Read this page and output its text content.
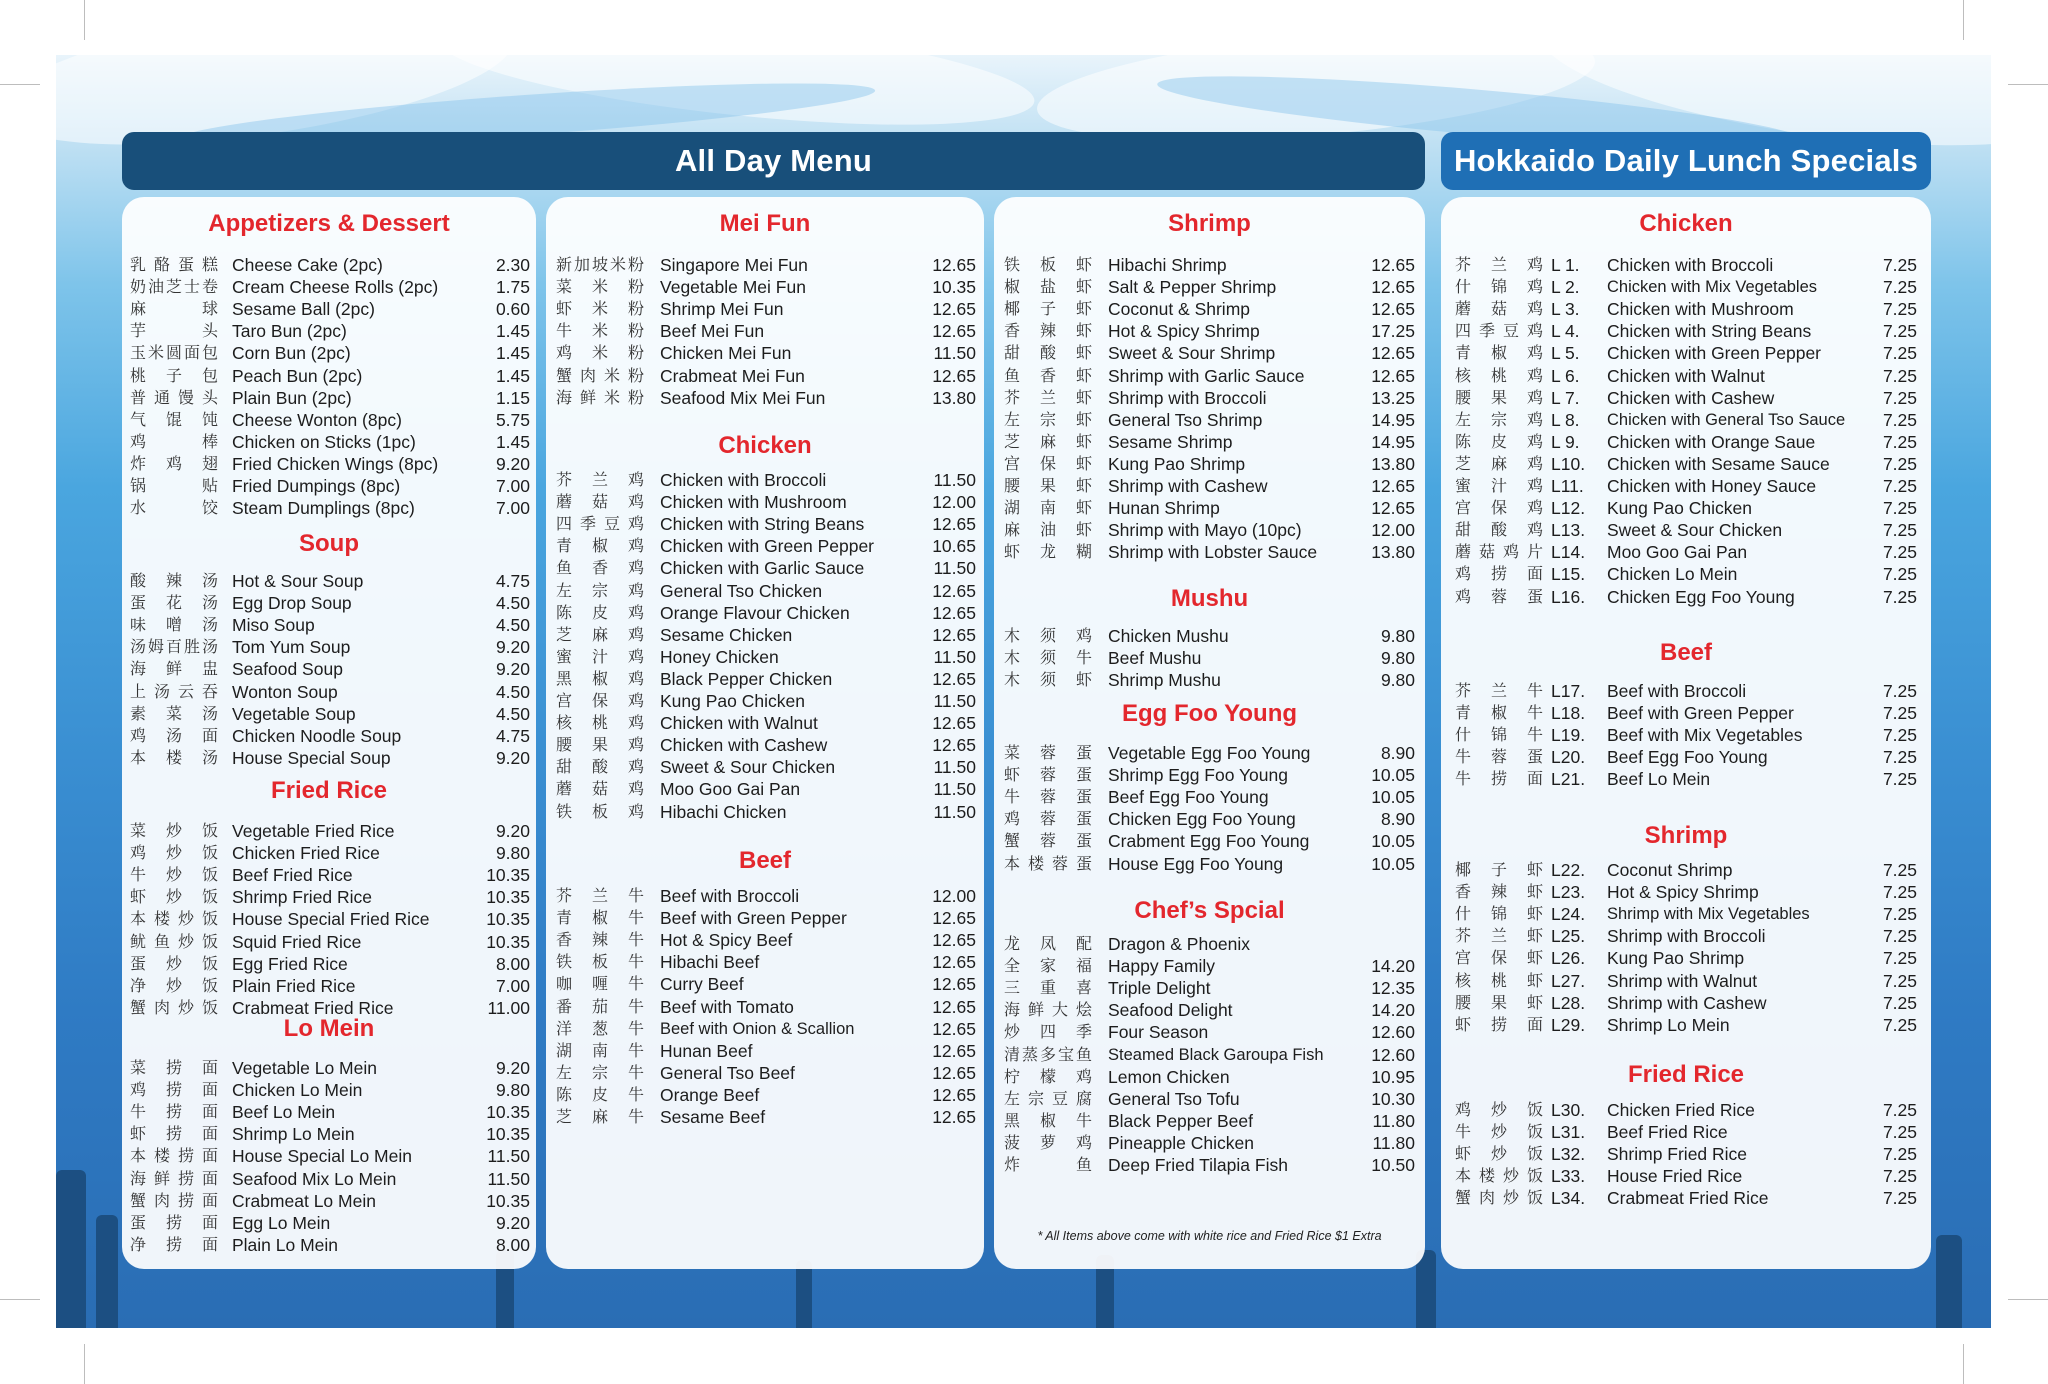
All Day Menu	Hokkaido Daily Lunch Specials
Appetizers & Dessert
乳 酪 蛋 糕 Cheese Cake (2pc)	2.30
奶 油 芝 士 卷 Cream Cheese Rolls (2pc)	1.75
麻	球 Sesame Ball (2pc)	0.60
芋	头 Taro Bun (2pc)	1.45
玉 米 圆 面 包 Corn Bun (2pc)	1.45
桃 子 包 Peach Bun (2pc)	1.45
普 通 馒 头 Plain Bun (2pc)	1.15
气 馄 饨 Cheese Wonton (8pc)	5.75
鸡	棒 Chicken on Sticks (1pc)	1.45
炸 鸡 翅 Fried Chicken Wings (8pc)	9.20
锅	贴 Fried Dumpings (8pc)	7.00
水	饺 Steam Dumplings (8pc)	7.00
Soup
酸 辣 汤 Hot & Sour Soup	4.75
蛋 花 汤 Egg Drop Soup	4.50
味 噌 汤 Miso Soup	4.50
汤 姆 百 胜 汤 Tom Yum Soup	9.20
海 鲜 盅 Seafood Soup	9.20
上 汤 云 吞 Wonton Soup	4.50
素 菜 汤 Vegetable Soup	4.50
鸡 汤 面 Chicken Noodle Soup	4.75
本 楼 汤 House Special Soup	9.20
Fried Rice
菜 炒 饭 Vegetable Fried Rice	9.20
鸡 炒 饭 Chicken Fried Rice	9.80
牛 炒 饭 Beef Fried Rice	10.35
虾 炒 饭 Shrimp Fried Rice	10.35
本 楼 炒 饭 House Special Fried Rice	10.35
鱿 鱼 炒 饭 Squid Fried Rice	10.35
蛋 炒 饭 Egg Fried Rice	8.00
净 炒 饭 Plain Fried Rice	7.00
蟹 肉 炒 饭 Crabmeat Fried Rice	11.00
Lo Mein
菜 捞 面 Vegetable Lo Mein	9.20
鸡 捞 面 Chicken Lo Mein	9.80
牛 捞 面 Beef Lo Mein	10.35
虾 捞 面 Shrimp Lo Mein	10.35
本 楼 捞 面 House Special Lo Mein	11.50
海 鲜 捞 面 Seafood Mix Lo Mein	11.50
蟹 肉 捞 面 Crabmeat Lo Mein	10.35
蛋 捞 面 Egg Lo Mein	9.20
净 捞 面 Plain Lo Mein	8.00
Mei Fun
新 加 坡 米 粉 Singapore Mei Fun	12.65
菜 米 粉 Vegetable Mei Fun	10.35
虾 米 粉 Shrimp Mei Fun	12.65
牛 米 粉 Beef Mei Fun	12.65
鸡 米 粉 Chicken Mei Fun	11.50
蟹 肉 米 粉 Crabmeat Mei Fun	12.65
海 鲜 米 粉 Seafood Mix Mei Fun	13.80
Chicken
芥 兰 鸡 Chicken with Broccoli	11.50
蘑 菇 鸡 Chicken with Mushroom	12.00
四 季 豆 鸡 Chicken with String Beans	12.65
青 椒 鸡 Chicken with Green Pepper	10.65
鱼 香 鸡 Chicken with Garlic Sauce	11.50
左 宗 鸡 General Tso Chicken	12.65
陈 皮 鸡 Orange Flavour Chicken	12.65
芝 麻 鸡 Sesame Chicken	12.65
蜜 汁 鸡 Honey Chicken	11.50
黑 椒 鸡 Black Pepper Chicken	12.65
宫 保 鸡 Kung Pao Chicken	11.50
核 桃 鸡 Chicken with Walnut	12.65
腰 果 鸡 Chicken with Cashew	12.65
甜 酸 鸡 Sweet & Sour Chicken	11.50
蘑 菇 鸡 Moo Goo Gai Pan	11.50
铁 板 鸡 Hibachi Chicken	11.50
Beef
芥 兰 牛 Beef with Broccoli	12.00
青 椒 牛 Beef with Green Pepper	12.65
香 辣 牛 Hot & Spicy Beef	12.65
铁 板 牛 Hibachi Beef	12.65
咖 喱 牛 Curry Beef	12.65
番 茄 牛 Beef with Tomato	12.65
洋 葱 牛 Beef with Onion & Scallion	12.65
湖 南 牛 Hunan Beef	12.65
左 宗 牛 General Tso Beef	12.65
陈 皮 牛 Orange Beef	12.65
芝 麻 牛 Sesame Beef	12.65
* All Items above come with white rice and Fried Rice $1 Extra
Shrimp
铁 板 虾 Hibachi Shrimp	12.65
椒 盐 虾 Salt & Pepper Shrimp	12.65
椰 子 虾 Coconut & Shrimp	12.65
香 辣 虾 Hot & Spicy Shrimp	17.25
甜 酸 虾 Sweet & Sour Shrimp	12.65
鱼 香 虾 Shrimp with Garlic Sauce	12.65
芥 兰 虾 Shrimp with Broccoli	13.25
左 宗 虾 General Tso Shrimp	14.95
芝 麻 虾 Sesame Shrimp	14.95
宫 保 虾 Kung Pao Shrimp	13.80
腰 果 虾 Shrimp with Cashew	12.65
湖 南 虾 Hunan Shrimp	12.65
麻 油 虾 Shrimp with Mayo (10pc)	12.00
虾 龙 糊 Shrimp with Lobster Sauce	13.80
Mushu
木 须 鸡 Chicken Mushu	9.80
木 须 牛 Beef Mushu	9.80
木 须 虾 Shrimp Mushu	9.80
Egg Foo Young
菜 蓉 蛋 Vegetable Egg Foo Young	8.90
虾 蓉 蛋 Shrimp Egg Foo Young	10.05
牛 蓉 蛋 Beef Egg Foo Young	10.05
鸡 蓉 蛋 Chicken Egg Foo Young	8.90
蟹 蓉 蛋 Crabment Egg Foo Young	10.05
本 楼 蓉 蛋 House Egg Foo Young	10.05
Chef’s Spcial
龙 凤 配 Dragon & Phoenix
全 家 福 Happy Family	14.20
三 重 喜 Triple Delight	12.35
海 鲜 大 烩 Seafood Delight	14.20
炒 四 季 Four Season	12.60
清 蒸 多 宝 鱼 Steamed Black Garoupa Fish	12.60
柠 檬 鸡 Lemon Chicken	10.95
左 宗 豆 腐 General Tso Tofu	10.30
黑 椒 牛 Black Pepper Beef	11.80
菠 萝 鸡 Pineapple Chicken	11.80
炸	鱼 Deep Fried Tilapia Fish	10.50
Chicken
芥 兰 鸡 L 1.	Chicken with Broccoli	7.25
什 锦 鸡 L 2.	Chicken with Mix Vegetables	7.25
蘑 菇 鸡 L 3.	Chicken with Mushroom	7.25
四 季 豆 鸡 L 4.	Chicken with String Beans	7.25
青 椒 鸡 L 5.	Chicken with Green Pepper	7.25
核 桃 鸡 L 6.	Chicken with Walnut	7.25
腰 果 鸡 L 7.	Chicken with Cashew	7.25
左 宗 鸡 L 8.	Chicken with General Tso Sauce 7.25
陈 皮 鸡 L 9.	Chicken with Orange Saue	7.25
芝 麻 鸡 L10.	Chicken with Sesame Sauce	7.25
蜜 汁 鸡 L11.	Chicken with Honey Sauce	7.25
宫 保 鸡 L12.	Kung Pao Chicken	7.25
甜 酸 鸡 L13.	Sweet & Sour Chicken	7.25
蘑 菇 鸡 片 L14.	Moo Goo Gai Pan	7.25
鸡 捞 面 L15.	Chicken Lo Mein	7.25
鸡 蓉 蛋 L16.	Chicken Egg Foo Young	7.25
Beef
芥 兰 牛 L17.	Beef with Broccoli	7.25
青 椒 牛 L18.	Beef with Green Pepper	7.25
什 锦 牛 L19.	Beef with Mix Vegetables	7.25
牛 蓉 蛋 L20.	Beef Egg Foo Young	7.25
牛 捞 面 L21.	Beef Lo Mein	7.25
Shrimp
椰 子 虾 L22.	Coconut Shrimp	7.25
香 辣 虾 L23.	Hot & Spicy Shrimp	7.25
什 锦 虾 L24.	Shrimp with Mix Vegetables	7.25
芥 兰 虾 L25.	Shrimp with Broccoli	7.25
宫 保 虾 L26.	Kung Pao Shrimp	7.25
核 桃 虾 L27.	Shrimp with Walnut	7.25
腰 果 虾 L28.	Shrimp with Cashew	7.25
虾 捞 面 L29.	Shrimp Lo Mein	7.25
Fried Rice
鸡 炒 饭 L30.	Chicken Fried Rice	7.25
牛 炒 饭 L31.	Beef Fried Rice	7.25
虾 炒 饭 L32.	Shrimp Fried Rice	7.25
本 楼 炒 饭 L33.	House Fried Rice	7.25
蟹 肉 炒 饭 L34.	Crabmeat Fried Rice	7.25
